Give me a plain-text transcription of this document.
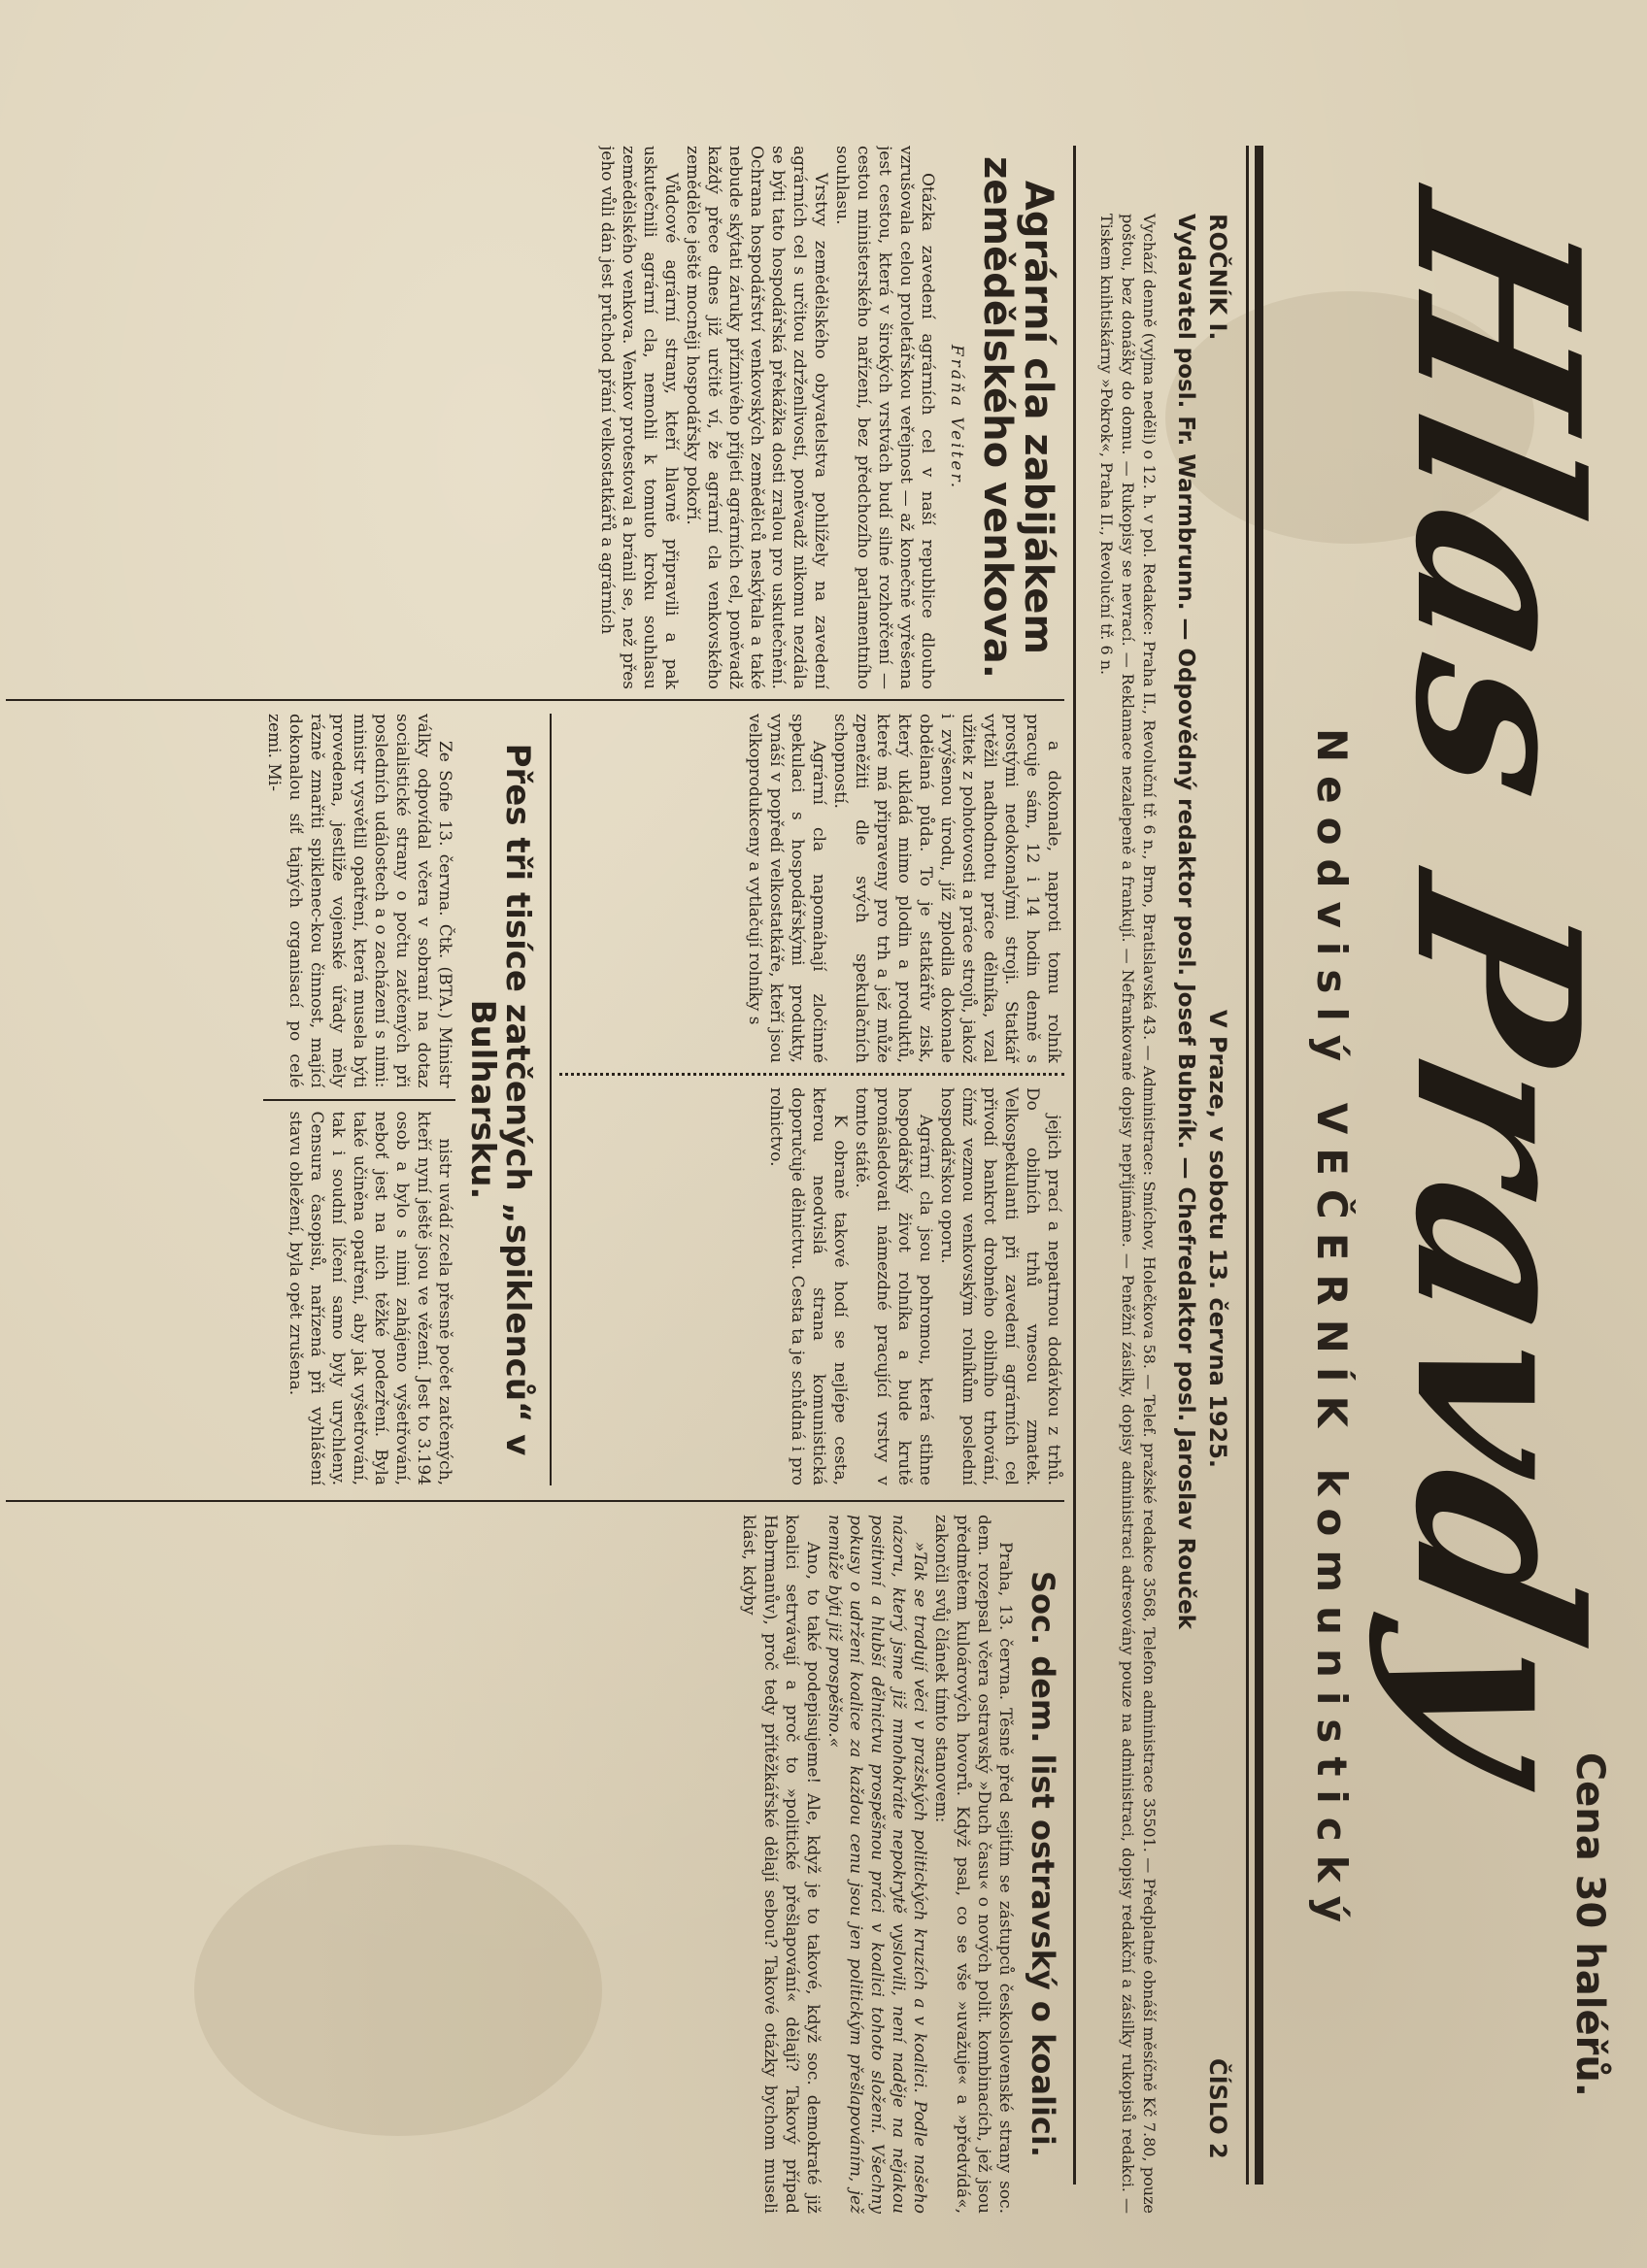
Hlas Pravdy
Cena 30 haléřů.
Neodvislý VEČERNÍK komunistický
ROČNÍK I.
V Praze, v sobotu 13. června 1925.
ČÍSLO 2
Vydavatel posl. Fr. Warmbrunn. — Odpovědný redaktor posl. Josef Bubník. — Chefredaktor posl. Jaroslav Rouček
Vychází denně (vyjma neděli) o 12. h. v pol. Redakce: Praha II., Revoluční tř. 6 n., Brno, Bratislavská 43. — Administrace: Smíchov, Holečkova 58. — Telef. pražské redakce 3568, Telefon administrace 35501. — Předplatné obnáší měsíčně Kč 7.80, pouze poštou, bez donášky do domu. — Rukopisy se nevrací. — Reklamace nezalepeně a frankují. — Nefrankované dopisy nepřijímáme. — Peněžní zásilky, dopisy administraci adresovány pouze na administraci, dopisy redakční a zásilky rukopisů redakci. — Tiskem knihtiskárny »Pokrok«, Praha II., Revoluční tř. 6 n.
Agrární cla zabijákem zemědělského venkova.
Fráňa Veiter.

Otázka zavedení agrárních cel v naší republice dlouho vzrušovala celou proletářskou veřejnost — až konečně vyřešena jest cestou, která v širokých vrstvách budí silné rozhořčení — cestou ministerského nařízení, bez předchozího parlamentního souhlasu.

Vrstvy zemědělského obyvatelstva pohlížely na zavedení agrárních cel s určitou zdrženlivostí, poněvadž nikomu nezdála se býti tato hospodářská překážka dosti zralou pro uskutečnění. Ochrana hospodářství venkovských zemědělců neskýtala a také nebude skýtati záruky příznivého příjetí agrárních cel, poněvadž každý přece dnes již určitě ví, že agrární cla venkovského zemědělce ještě mocněji hospodářsky pokoří.

Vůdcové agrární strany, kteří hlavně připravili a pak uskutečnili agrární cla, nemohli k tomuto kroku souhlasu zemědělského venkova. Venkov protestoval a bránil se, než přes jeho vůli dán jest průchod přání velkostatkářů a agrárních

a dokonale, naproti tomu rolník pracuje sám, 12 i 14 hodin denně s prostými nedokonalými stroji. Statkář vytěžil nadhodnotu práce dělníka, vzal užitek z pohotovosti a práce strojů, jakož i zvýšenou úrodu, jíž zplodila dokonale obdělaná půda. To je statkářův zisk, který ukládá mimo plodin a produktů, které má připraveny pro trh a jež může zpeněžiti dle svých spekulačních schopností.

Agrární cla napomáhají zločinné spekulaci s hospodářskými produkty, vynáší v popředí velkostatkáře, kteří jsou velkoprodukceny a vytlačují rolníky s

jejich prací a nepatrnou dodávkou z trhů. Do obilních trhů vnesou zmatek. Velkospekulanti při zavedení agrárních cel přivodí bankrot drobného obilního trhování, čímž vezmou venkovským rolníkům poslední hospodářskou oporu.

Agrární cla jsou pohromou, která stihne hospodářský život rolníka a bude krutě pronásledovati námezdné pracující vrstvy v tomto státě.

K obraně takové hodí se nejlépe cesta, kterou neodvislá strana komunistická doporučuje dělnictvu. Cesta ta je schůdná i pro rolnictvo.

Přes tři tisíce zatčených „spiklenců“ v Bulharsku.

Ze Sofie 13. června. Čtk. (BTA.) Ministr války odpovídal včera v sobraní na dotaz socialistické strany o počtu zatčených při posledních událostech a o zacházení s nimi: ministr vysvětlil opatření, která musela býti provedena, jestliže vojenské úřady měly rázně zmařiti spiklenec-kou činnost, mající dokonalou síť tajných organisací po celé zemi. Mi-

nistr uvádí zcela přesně počet zatčených, kteří nyní ještě jsou ve vězení. Jest to 3.194 osob a bylo s nimi zahájeno vyšetřování, neboť jest na nich těžké podezření. Byla také učiněna opatření, aby jak vyšetřování, tak i soudní líčení samo byly urychleny. Censura časopisů, nařízená při vyhlášení stavu obležení, byla opět zrušena.

Soc. dem. list ostravský o koalici.

Praha, 13. června. Těsně před sejitím se zástupců československé strany soc. dem. rozepsal včera ostravský »Duch času« o nových polit. kombinacích, jež jsou předmětem kuloárových hovorů. Když psal, co se vše »uvažuje« a »předvídá«, zakončil svůj článek tímto stanovem:

»Tak se tradují věci v pražských politických kruzích a v koalici. Podle našeho názoru, který jsme již mnohokráte nepokrytě vyslovili, není naděje na nějakou positivní a hlubší dělnictvu prospěšnou práci v koalici tohoto složení. Všechny pokusy o udržení koalice za každou cenu jsou jen politickým přešlapováním, jež nemůže býti již prospěšno.«

Ano, to také podepisujeme! Ale, když je to takové, když soc. demokraté již koalici setrvávají a proč to »politické přešlapování« dělají? Takový případ Habrmanův), proč tedy přítěžkářské dělají sebou? Takové otázky bychom museli klást, kdyby
